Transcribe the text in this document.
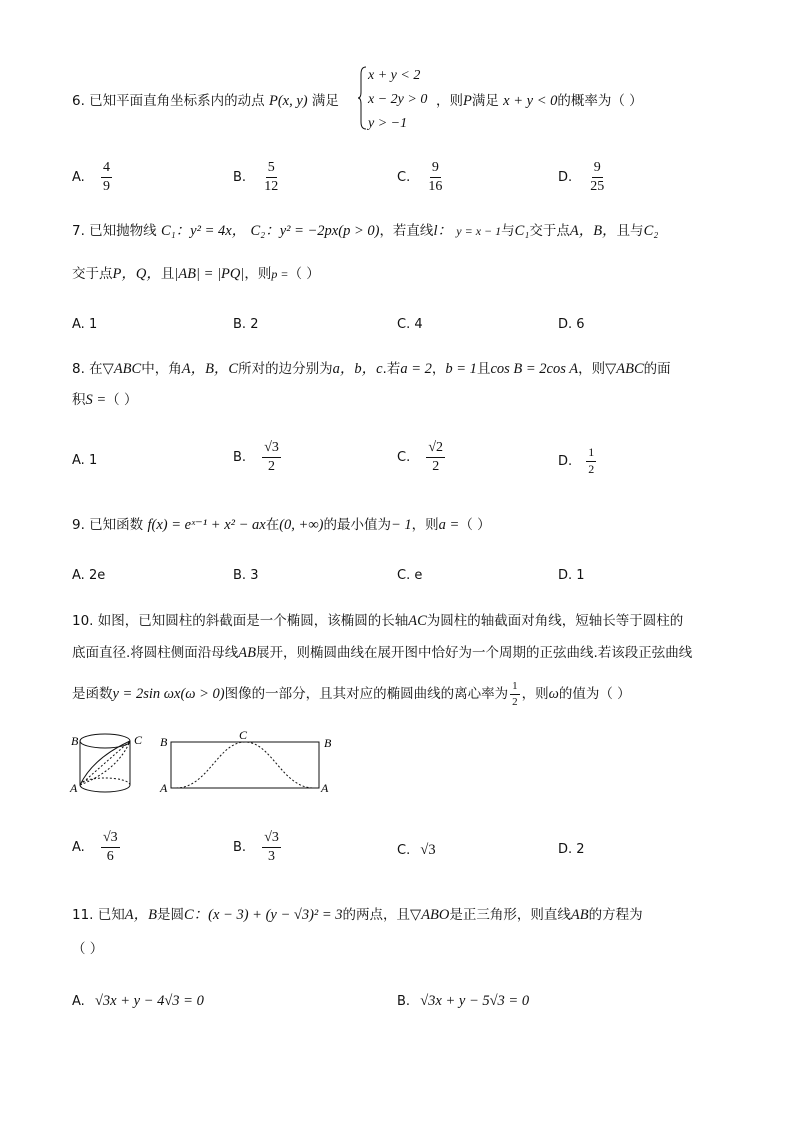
6. 已知平面直角坐标系内的动点 P(x, y) 满足
x + y < 2
x − 2y > 0
y > −1
，则P满足 x + y < 0的概率为（ ）
A. $\frac{4}{9}$	B. $\frac{5}{12}$	C. $\frac{9}{16}$	D. $\frac{9}{25}$
7. 已知抛物线 C₁：y² = 4x， C₂：y² = −2px(p > 0)，若直线l： y = x − 1与C₁交于点A，B，且与C₂
交于点P，Q，且|AB| = |PQ|，则p =（ ）
A. 1	B. 2	C. 4	D. 6
8. 在▽ABC中，角A，B，C所对的边分别为a，b，c.若a = 2，b = 1且cos B = 2cos A，则▽ABC的面
积S =（ ）
A. 1	B. $\frac{√3}{2}$	C. $\frac{√2}{2}$	D. $\frac{1}{2}$
9. 已知函数 f(x) = eˣ⁻¹ + x² − ax在(0, +∞)的最小值为− 1，则a =（ ）
A. 2e	B. 3	C. e	D. 1
10. 如图，已知圆柱的斜截面是一个椭圆，该椭圆的长轴AC为圆柱的轴截面对角线，短轴长等于圆柱的
底面直径.将圆柱侧面沿母线AB展开，则椭圆曲线在展开图中恰好为一个周期的正弦曲线.若该段正弦曲线
是函数y = 2sin ωx(ω > 0)图像的一部分，且其对应的椭圆曲线的离心率为 $\frac{1}{2}$ ，则ω的值为（ ）
B	C
A
B	C
B
A	A
A. $\frac{√3}{6}$	B. $\frac{√3}{3}$	C. √3	D. 2
11. 已知A，B是圆C：(x − 3) + (y − √3)² = 3的两点，且▽ABO是正三角形，则直线AB的方程为
（ ）
A. √3x + y − 4√3 = 0	B. √3x + y − 5√3 = 0
